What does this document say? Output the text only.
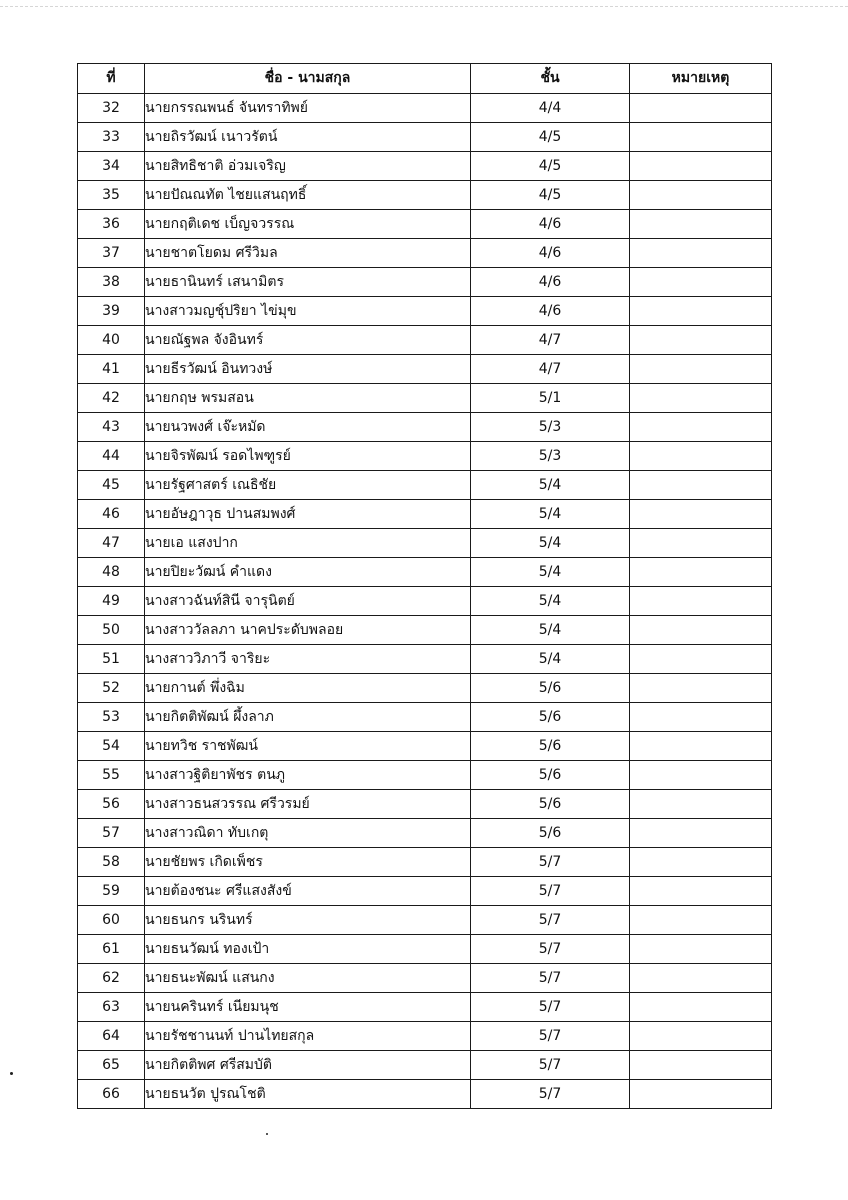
ที่	ชื่อ - นามสกุล	ชั้น	หมายเหตุ
32	นายกรรณพนธ์ จันทราทิพย์	4/4	
33	นายถิรวัฒน์ เนาวรัตน์	4/5	
34	นายสิทธิชาติ อ่วมเจริญ	4/5	
35	นายปัณณทัต ไชยแสนฤทธิ์	4/5	
36	นายกฤติเดช เบ็ญจวรรณ	4/6	
37	นายชาตโยดม ศรีวิมล	4/6	
38	นายธานินทร์ เสนามิตร	4/6	
39	นางสาวมญชุ์ปริยา ไข่มุข	4/6	
40	นายณัฐพล จังอินทร์	4/7	
41	นายธีรวัฒน์ อินทวงษ์	4/7	
42	นายกฤษ พรมสอน	5/1	
43	นายนวพงศ์ เจ๊ะหมัด	5/3	
44	นายจิรพัฒน์ รอดไพฑูรย์	5/3	
45	นายรัฐศาสตร์ เณธิชัย	5/4	
46	นายอัษฎาวุธ ปานสมพงศ์	5/4	
47	นายเอ แสงปาก	5/4	
48	นายปิยะวัฒน์ คำแดง	5/4	
49	นางสาวฉันท์สินี จารุนิตย์	5/4	
50	นางสาววัลลภา นาคประดับพลอย	5/4	
51	นางสาววิภาวี จาริยะ	5/4	
52	นายกานต์ พึ่งฉิม	5/6	
53	นายกิตติพัฒน์ ผึ้งลาภ	5/6	
54	นายทวิช ราชพัฒน์	5/6	
55	นางสาวฐิติยาพัชร ตนภู	5/6	
56	นางสาวธนสวรรณ ศรีวรมย์	5/6	
57	นางสาวณิดา ทับเกตุ	5/6	
58	นายชัยพร เกิดเพ็ชร	5/7	
59	นายต้องชนะ ศรีแสงสังข์	5/7	
60	นายธนกร นรินทร์	5/7	
61	นายธนวัฒน์ ทองเป้า	5/7	
62	นายธนะพัฒน์ แสนกง	5/7	
63	นายนครินทร์ เนียมนุช	5/7	
64	นายรัชชานนท์ ปานไทยสกุล	5/7	
65	นายกิตติพศ ศรีสมบัติ	5/7	
66	นายธนวัต ปูรณโชติ	5/7	
